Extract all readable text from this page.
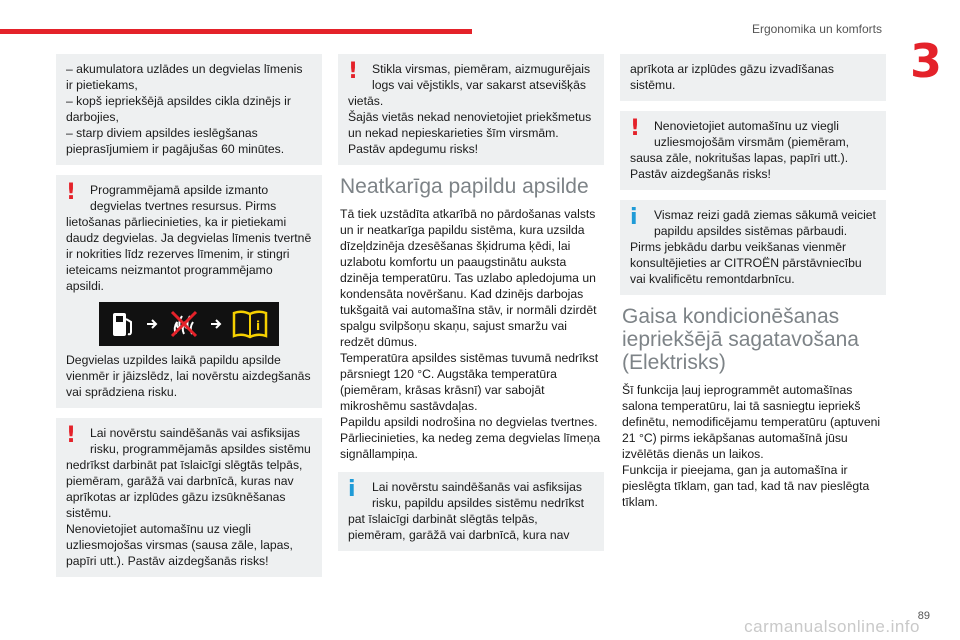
Ergonomika un komforts
3

– akumulatora uzlādes un degvielas līmenis ir pietiekams,
– kopš iepriekšējā apsildes cikla dzinējs ir darbojies,
– starp diviem apsildes ieslēgšanas pieprasījumiem ir pagājušas 60 minūtes.

!	Programmējamā apsilde izmanto degvielas tvertnes resursus. Pirms
lietošanas pārliecinieties, ka ir pietiekami daudz degvielas. Ja degvielas līmenis tvertnē ir nokrities līdz rezerves līmenim, ir stingri ieteicams neizmantot programmējamo apsildi.
i

Degvielas uzpildes laikā papildu apsilde vienmēr ir jāizslēdz, lai novērstu aizdegšanās vai sprādziena risku.

!	Lai novērstu saindēšanās vai asfiksijas risku, programmējamās apsildes sistēmu
nedrīkst darbināt pat īslaicīgi slēgtās telpās, piemēram, garāžā vai darbnīcā, kuras nav aprīkotas ar izplūdes gāzu izsūknēšanas sistēmu.
Nenovietojiet automašīnu uz viegli uzliesmojošas virsmas (sausa zāle, lapas, papīri utt.). Pastāv aizdegšanās risks!
!	Stikla virsmas, piemēram, aizmugurējais logs vai vējstikls, var sakarst atsevišķās
vietās.
Šajās vietās nekad nenovietojiet priekšmetus un nekad nepieskarieties šīm virsmām.
Pastāv apdegumu risks!
Neatkarīga papildu apsilde
Tā tiek uzstādīta atkarībā no pārdošanas valsts un ir neatkarīga papildu sistēma, kura uzsilda dīzeļdzinēja dzesēšanas šķidruma ķēdi, lai uzlabotu komfortu un paaugstinātu auksta dzinēja temperatūru. Tas uzlabo apledojuma un kondensāta novēršanu. Kad dzinējs darbojas tukšgaitā vai automašīna stāv, ir normāli dzirdēt spalgu svilpšoņu skaņu, sajust smaržu vai redzēt dūmus.
Temperatūra apsildes sistēmas tuvumā nedrīkst pārsniegt 120 °C. Augstāka temperatūra (piemēram, krāsas krāsnī) var sabojāt mikroshēmu sastāvdaļas.
Papildu apsildi nodrošina no degvielas tvertnes. Pārliecinieties, ka nedeg zema degvielas līmeņa signāllampiņa.
i	Lai novērstu saindēšanās vai asfiksijas risku, papildu apsildes sistēmu nedrīkst
pat īslaicīgi darbināt slēgtās telpās, piemēram, garāžā vai darbnīcā, kura nav

aprīkota ar izplūdes gāzu izvadīšanas sistēmu.

!	Nenovietojiet automašīnu uz viegli uzliesmojošām virsmām (piemēram,
sausa zāle, nokritušas lapas, papīri utt.). Pastāv aizdegšanās risks!
i	Vismaz reizi gadā ziemas sākumā veiciet papildu apsildes sistēmas pārbaudi.
Pirms jebkādu darbu veikšanas vienmēr konsultējieties ar CITROËN pārstāvniecību vai kvalificētu remontdarbnīcu.
Gaisa kondicionēšanas iepriekšējā sagatavošana (Elektrisks)
Šī funkcija ļauj ieprogrammēt automašīnas salona temperatūru, lai tā sasniegtu iepriekš definētu, nemodificējamu temperatūru (aptuveni 21 °C) pirms iekāpšanas automašīnā jūsu izvēlētās dienās un laikos.
Funkcija ir pieejama, gan ja automašīna ir pieslēgta tīklam, gan tad, kad tā nav pieslēgta tīklam.
89
carmanualsonline.info
